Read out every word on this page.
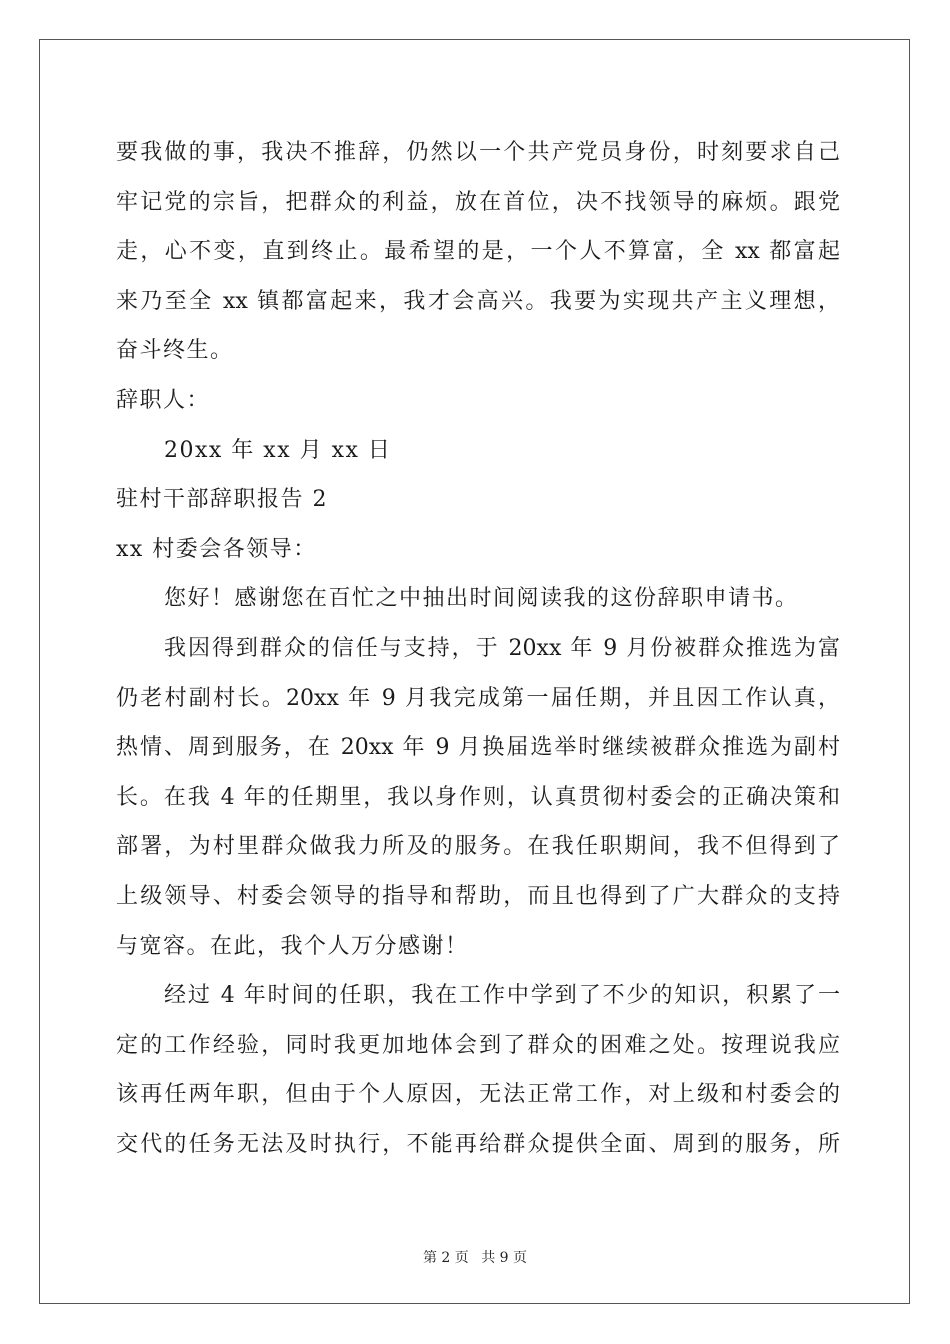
要我做的事，我决不推辞，仍然以一个共产党员身份，时刻要求自己
牢记党的宗旨，把群众的利益，放在首位，决不找领导的麻烦。跟党
走，心不变，直到终止。最希望的是，一个人不算富，全 xx 都富起
来乃至全 xx 镇都富起来，我才会高兴。我要为实现共产主义理想，
奋斗终生。
辞职人：
20xx 年 xx 月 xx 日
驻村干部辞职报告 2
xx 村委会各领导：
您好！感谢您在百忙之中抽出时间阅读我的这份辞职申请书。
我因得到群众的信任与支持，于 20xx 年 9 月份被群众推选为富
仍老村副村长。20xx 年 9 月我完成第一届任期，并且因工作认真，
热情、周到服务，在 20xx 年 9 月换届选举时继续被群众推选为副村
长。在我 4 年的任期里，我以身作则，认真贯彻村委会的正确决策和
部署，为村里群众做我力所及的服务。在我任职期间，我不但得到了
上级领导、村委会领导的指导和帮助，而且也得到了广大群众的支持
与宽容。在此，我个人万分感谢！
经过 4 年时间的任职，我在工作中学到了不少的知识，积累了一
定的工作经验，同时我更加地体会到了群众的困难之处。按理说我应
该再任两年职，但由于个人原因，无法正常工作，对上级和村委会的
交代的任务无法及时执行，不能再给群众提供全面、周到的服务，所
第 2 页 共 9 页
